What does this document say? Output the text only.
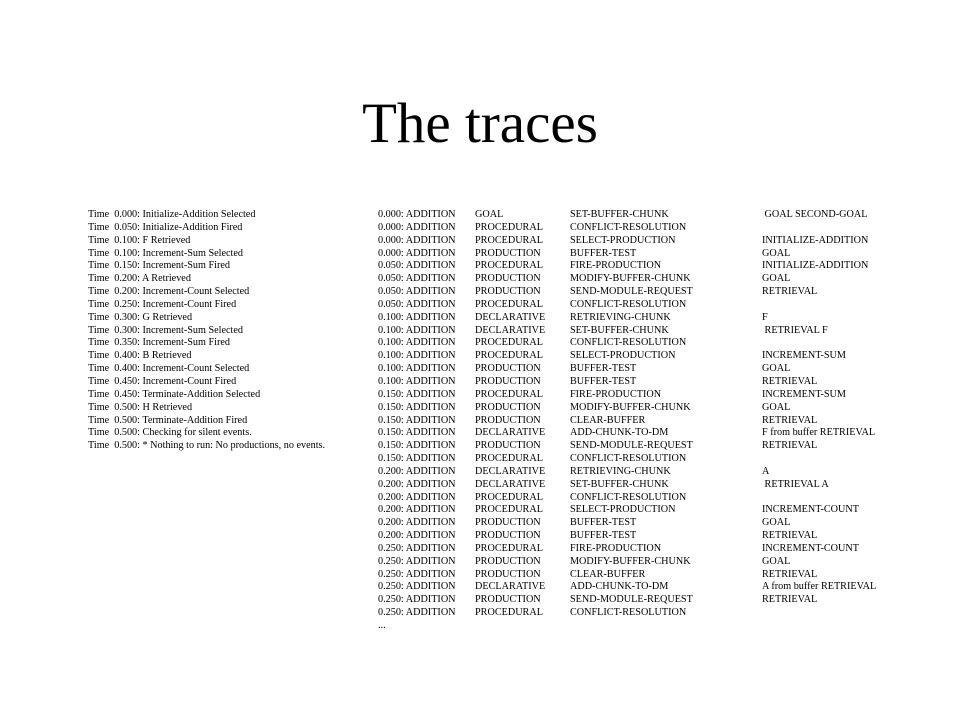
The traces
Time  0.000: Initialize-Addition Selected
Time  0.050: Initialize-Addition Fired
Time  0.100: F Retrieved
Time  0.100: Increment-Sum Selected
Time  0.150: Increment-Sum Fired
Time  0.200: A Retrieved
Time  0.200: Increment-Count Selected
Time  0.250: Increment-Count Fired
Time  0.300: G Retrieved
Time  0.300: Increment-Sum Selected
Time  0.350: Increment-Sum Fired
Time  0.400: B Retrieved
Time  0.400: Increment-Count Selected
Time  0.450: Increment-Count Fired
Time  0.450: Terminate-Addition Selected
Time  0.500: H Retrieved
Time  0.500: Terminate-Addition Fired
Time  0.500: Checking for silent events.
Time  0.500: * Nothing to run: No productions, no events.
0.000: ADDITION	GOAL	SET-BUFFER-CHUNK	GOAL SECOND-GOAL
0.000: ADDITION	PROCEDURAL	CONFLICT-RESOLUTION
0.000: ADDITION	PROCEDURAL	SELECT-PRODUCTION	INITIALIZE-ADDITION
0.000: ADDITION	PRODUCTION	BUFFER-TEST	GOAL
0.050: ADDITION	PROCEDURAL	FIRE-PRODUCTION	INITIALIZE-ADDITION
0.050: ADDITION	PRODUCTION	MODIFY-BUFFER-CHUNK	GOAL
0.050: ADDITION	PRODUCTION	SEND-MODULE-REQUEST	RETRIEVAL
0.050: ADDITION	PROCEDURAL	CONFLICT-RESOLUTION
0.100: ADDITION	DECLARATIVE	RETRIEVING-CHUNK	F
0.100: ADDITION	DECLARATIVE	SET-BUFFER-CHUNK	RETRIEVAL F
0.100: ADDITION	PROCEDURAL	CONFLICT-RESOLUTION
0.100: ADDITION	PROCEDURAL	SELECT-PRODUCTION	INCREMENT-SUM
0.100: ADDITION	PRODUCTION	BUFFER-TEST	GOAL
0.100: ADDITION	PRODUCTION	BUFFER-TEST	RETRIEVAL
0.150: ADDITION	PROCEDURAL	FIRE-PRODUCTION	INCREMENT-SUM
0.150: ADDITION	PRODUCTION	MODIFY-BUFFER-CHUNK	GOAL
0.150: ADDITION	PRODUCTION	CLEAR-BUFFER	RETRIEVAL
0.150: ADDITION	DECLARATIVE	ADD-CHUNK-TO-DM	F from buffer RETRIEVAL
0.150: ADDITION	PRODUCTION	SEND-MODULE-REQUEST	RETRIEVAL
0.150: ADDITION	PROCEDURAL	CONFLICT-RESOLUTION
0.200: ADDITION	DECLARATIVE	RETRIEVING-CHUNK	A
0.200: ADDITION	DECLARATIVE	SET-BUFFER-CHUNK	RETRIEVAL A
0.200: ADDITION	PROCEDURAL	CONFLICT-RESOLUTION
0.200: ADDITION	PROCEDURAL	SELECT-PRODUCTION	INCREMENT-COUNT
0.200: ADDITION	PRODUCTION	BUFFER-TEST	GOAL
0.200: ADDITION	PRODUCTION	BUFFER-TEST	RETRIEVAL
0.250: ADDITION	PROCEDURAL	FIRE-PRODUCTION	INCREMENT-COUNT
0.250: ADDITION	PRODUCTION	MODIFY-BUFFER-CHUNK	GOAL
0.250: ADDITION	PRODUCTION	CLEAR-BUFFER	RETRIEVAL
0.250: ADDITION	DECLARATIVE	ADD-CHUNK-TO-DM	A from buffer RETRIEVAL
0.250: ADDITION	PRODUCTION	SEND-MODULE-REQUEST	RETRIEVAL
0.250: ADDITION	PROCEDURAL	CONFLICT-RESOLUTION
...
